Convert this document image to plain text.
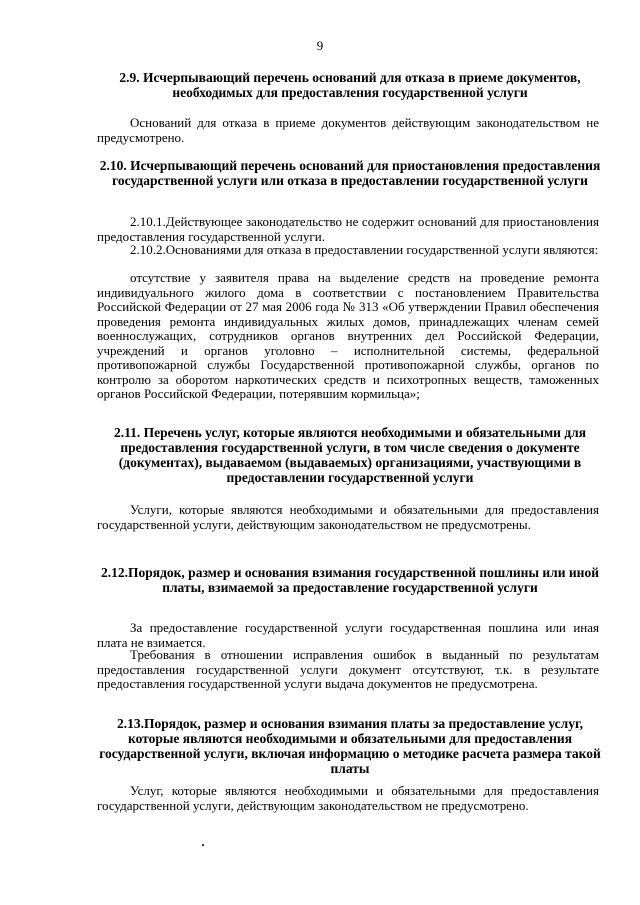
9
2.9. Исчерпывающий перечень оснований для отказа в приеме документов, необходимых для предоставления государственной услуги
Оснований для отказа в приеме документов действующим законодательством не предусмотрено.
2.10. Исчерпывающий перечень оснований для приостановления предоставления государственной услуги или отказа в предоставлении государственной услуги
2.10.1.Действующее законодательство не содержит оснований для приостановления предоставления государственной услуги.
2.10.2.Основаниями для отказа в предоставлении государственной услуги являются:
отсутствие у заявителя права на выделение средств на проведение ремонта индивидуального жилого дома в соответствии с постановлением Правительства Российской Федерации от 27 мая 2006 года № 313 «Об утверждении Правил обеспечения проведения ремонта индивидуальных жилых домов, принадлежащих членам семей военнослужащих, сотрудников органов внутренних дел Российской Федерации, учреждений и органов уголовно – исполнительной системы, федеральной противопожарной службы Государственной противопожарной службы, органов по контролю за оборотом наркотических средств и психотропных веществ, таможенных органов Российской Федерации, потерявшим кормильца»;
2.11. Перечень услуг, которые являются необходимыми и обязательными для предоставления государственной услуги, в том числе сведения о документе (документах), выдаваемом (выдаваемых) организациями, участвующими в предоставлении государственной услуги
Услуги, которые являются необходимыми и обязательными для предоставления государственной услуги, действующим законодательством не предусмотрены.
2.12.Порядок, размер и основания взимания государственной пошлины или иной платы, взимаемой за предоставление государственной услуги
За предоставление государственной услуги государственная пошлина или иная плата не взимается.
Требования в отношении исправления ошибок в выданный по результатам предоставления государственной услуги документ отсутствуют, т.к. в результате предоставления государственной услуги выдача документов не предусмотрена.
2.13.Порядок, размер и основания взимания платы за предоставление услуг, которые являются необходимыми и обязательными для предоставления государственной услуги, включая информацию о методике расчета размера такой платы
Услуг, которые являются необходимыми и обязательными для предоставления государственной услуги, действующим законодательством не предусмотрено.
